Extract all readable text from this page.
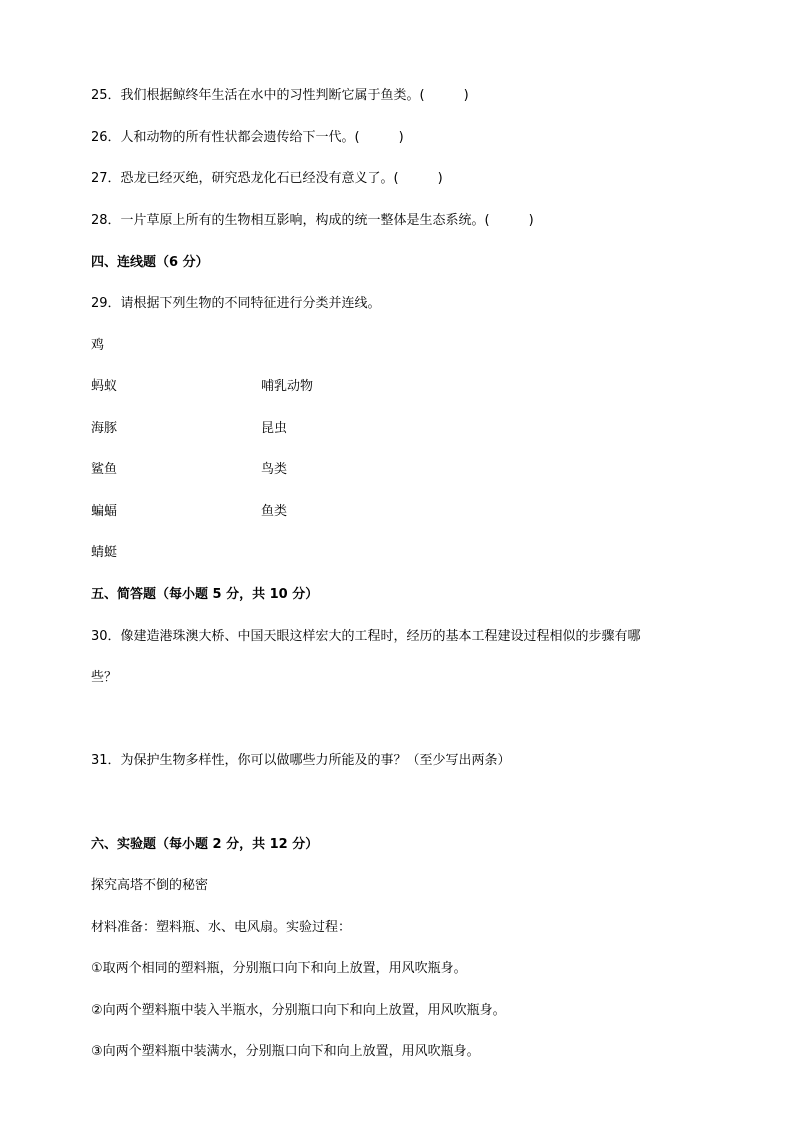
25．我们根据鲸终年生活在水中的习性判断它属于鱼类。(　　　)
26．人和动物的所有性状都会遗传给下一代。(　　　)
27．恐龙已经灭绝，研究恐龙化石已经没有意义了。(　　　)
28．一片草原上所有的生物相互影响，构成的统一整体是生态系统。(　　　)
四、连线题（6 分）
29．请根据下列生物的不同特征进行分类并连线。
鸡
蚂蚁
海豚
鲨鱼
蝙蝠
蜻蜓
哺乳动物
昆虫
鸟类
鱼类
五、简答题（每小题 5 分，共 10 分）
30．像建造港珠澳大桥、中国天眼这样宏大的工程时，经历的基本工程建设过程相似的步骤有哪
些？
31．为保护生物多样性，你可以做哪些力所能及的事？（至少写出两条）
六、实验题（每小题 2 分，共 12 分）
探究高塔不倒的秘密
材料准备：塑料瓶、水、电风扇。实验过程：
①取两个相同的塑料瓶，分别瓶口向下和向上放置，用风吹瓶身。
②向两个塑料瓶中装入半瓶水，分别瓶口向下和向上放置，用风吹瓶身。
③向两个塑料瓶中装满水，分别瓶口向下和向上放置，用风吹瓶身。
